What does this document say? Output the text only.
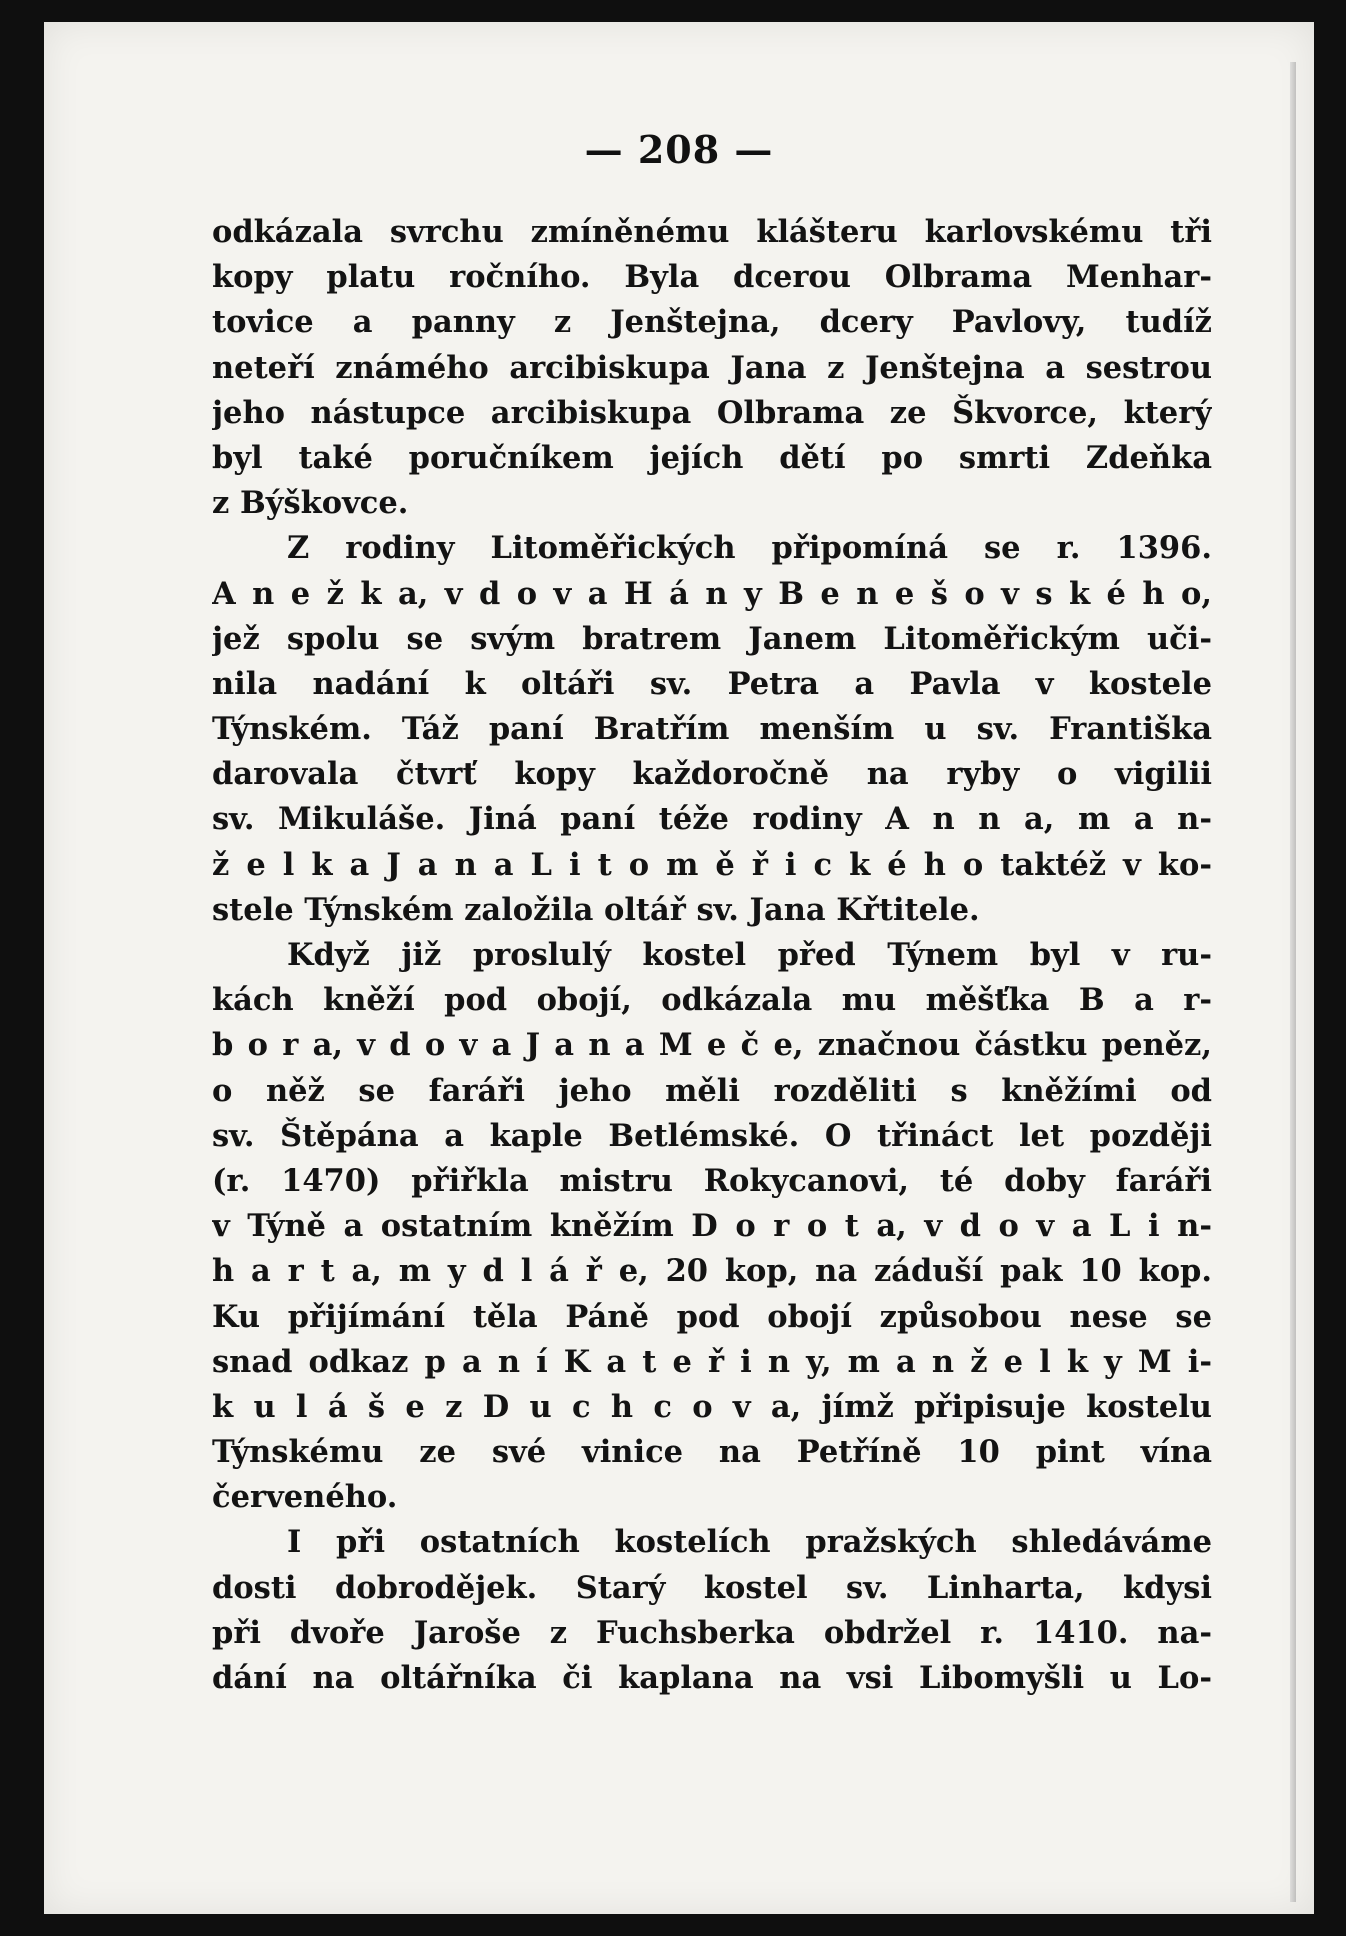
— 208 —
odkázala svrchu zmíněnému klášteru karlovskému tři
kopy platu ročního. Byla dcerou Olbrama Menhar-
tovice a panny z Jenštejna, dcery Pavlovy, tudíž
neteří známého arcibiskupa Jana z Jenštejna a sestrou
jeho nástupce arcibiskupa Olbrama ze Škvorce, který
byl také poručníkem jejích dětí po smrti Zdeňka
z Býškovce.
Z rodiny Litoměřických připomíná se r. 1396.
A n e ž k a, v d o v a H á n y B e n e š o v s k é h o,
jež spolu se svým bratrem Janem Litoměřickým uči-
nila nadání k oltáři sv. Petra a Pavla v kostele
Týnském. Táž paní Bratřím menším u sv. Františka
darovala čtvrť kopy každoročně na ryby o vigilii
sv. Mikuláše. Jiná paní téže rodiny A n n a, m a n-
ž e l k a J a n a L i t o m ě ř i c k é h o taktéž v ko-
stele Týnském založila oltář sv. Jana Křtitele.
Když již proslulý kostel před Týnem byl v ru-
kách kněží pod obojí, odkázala mu měšťka B a r-
b o r a, v d o v a J a n a M e č e, značnou částku peněz,
o něž se faráři jeho měli rozděliti s kněžími od
sv. Štěpána a kaple Betlémské. O třináct let později
(r. 1470) přiřkla mistru Rokycanovi, té doby faráři
v Týně a ostatním kněžím D o r o t a, v d o v a L i n-
h a r t a, m y d l á ř e, 20 kop, na záduší pak 10 kop.
Ku přijímání těla Páně pod obojí způsobou nese se
snad odkaz p a n í K a t e ř i n y, m a n ž e l k y M i-
k u l á š e z D u c h c o v a, jímž připisuje kostelu
Týnskému ze své vinice na Petříně 10 pint vína
červeného.
I při ostatních kostelích pražských shledáváme
dosti dobrodějek. Starý kostel sv. Linharta, kdysi
při dvoře Jaroše z Fuchsberka obdržel r. 1410. na-
dání na oltářníka či kaplana na vsi Libomyšli u Lo-
